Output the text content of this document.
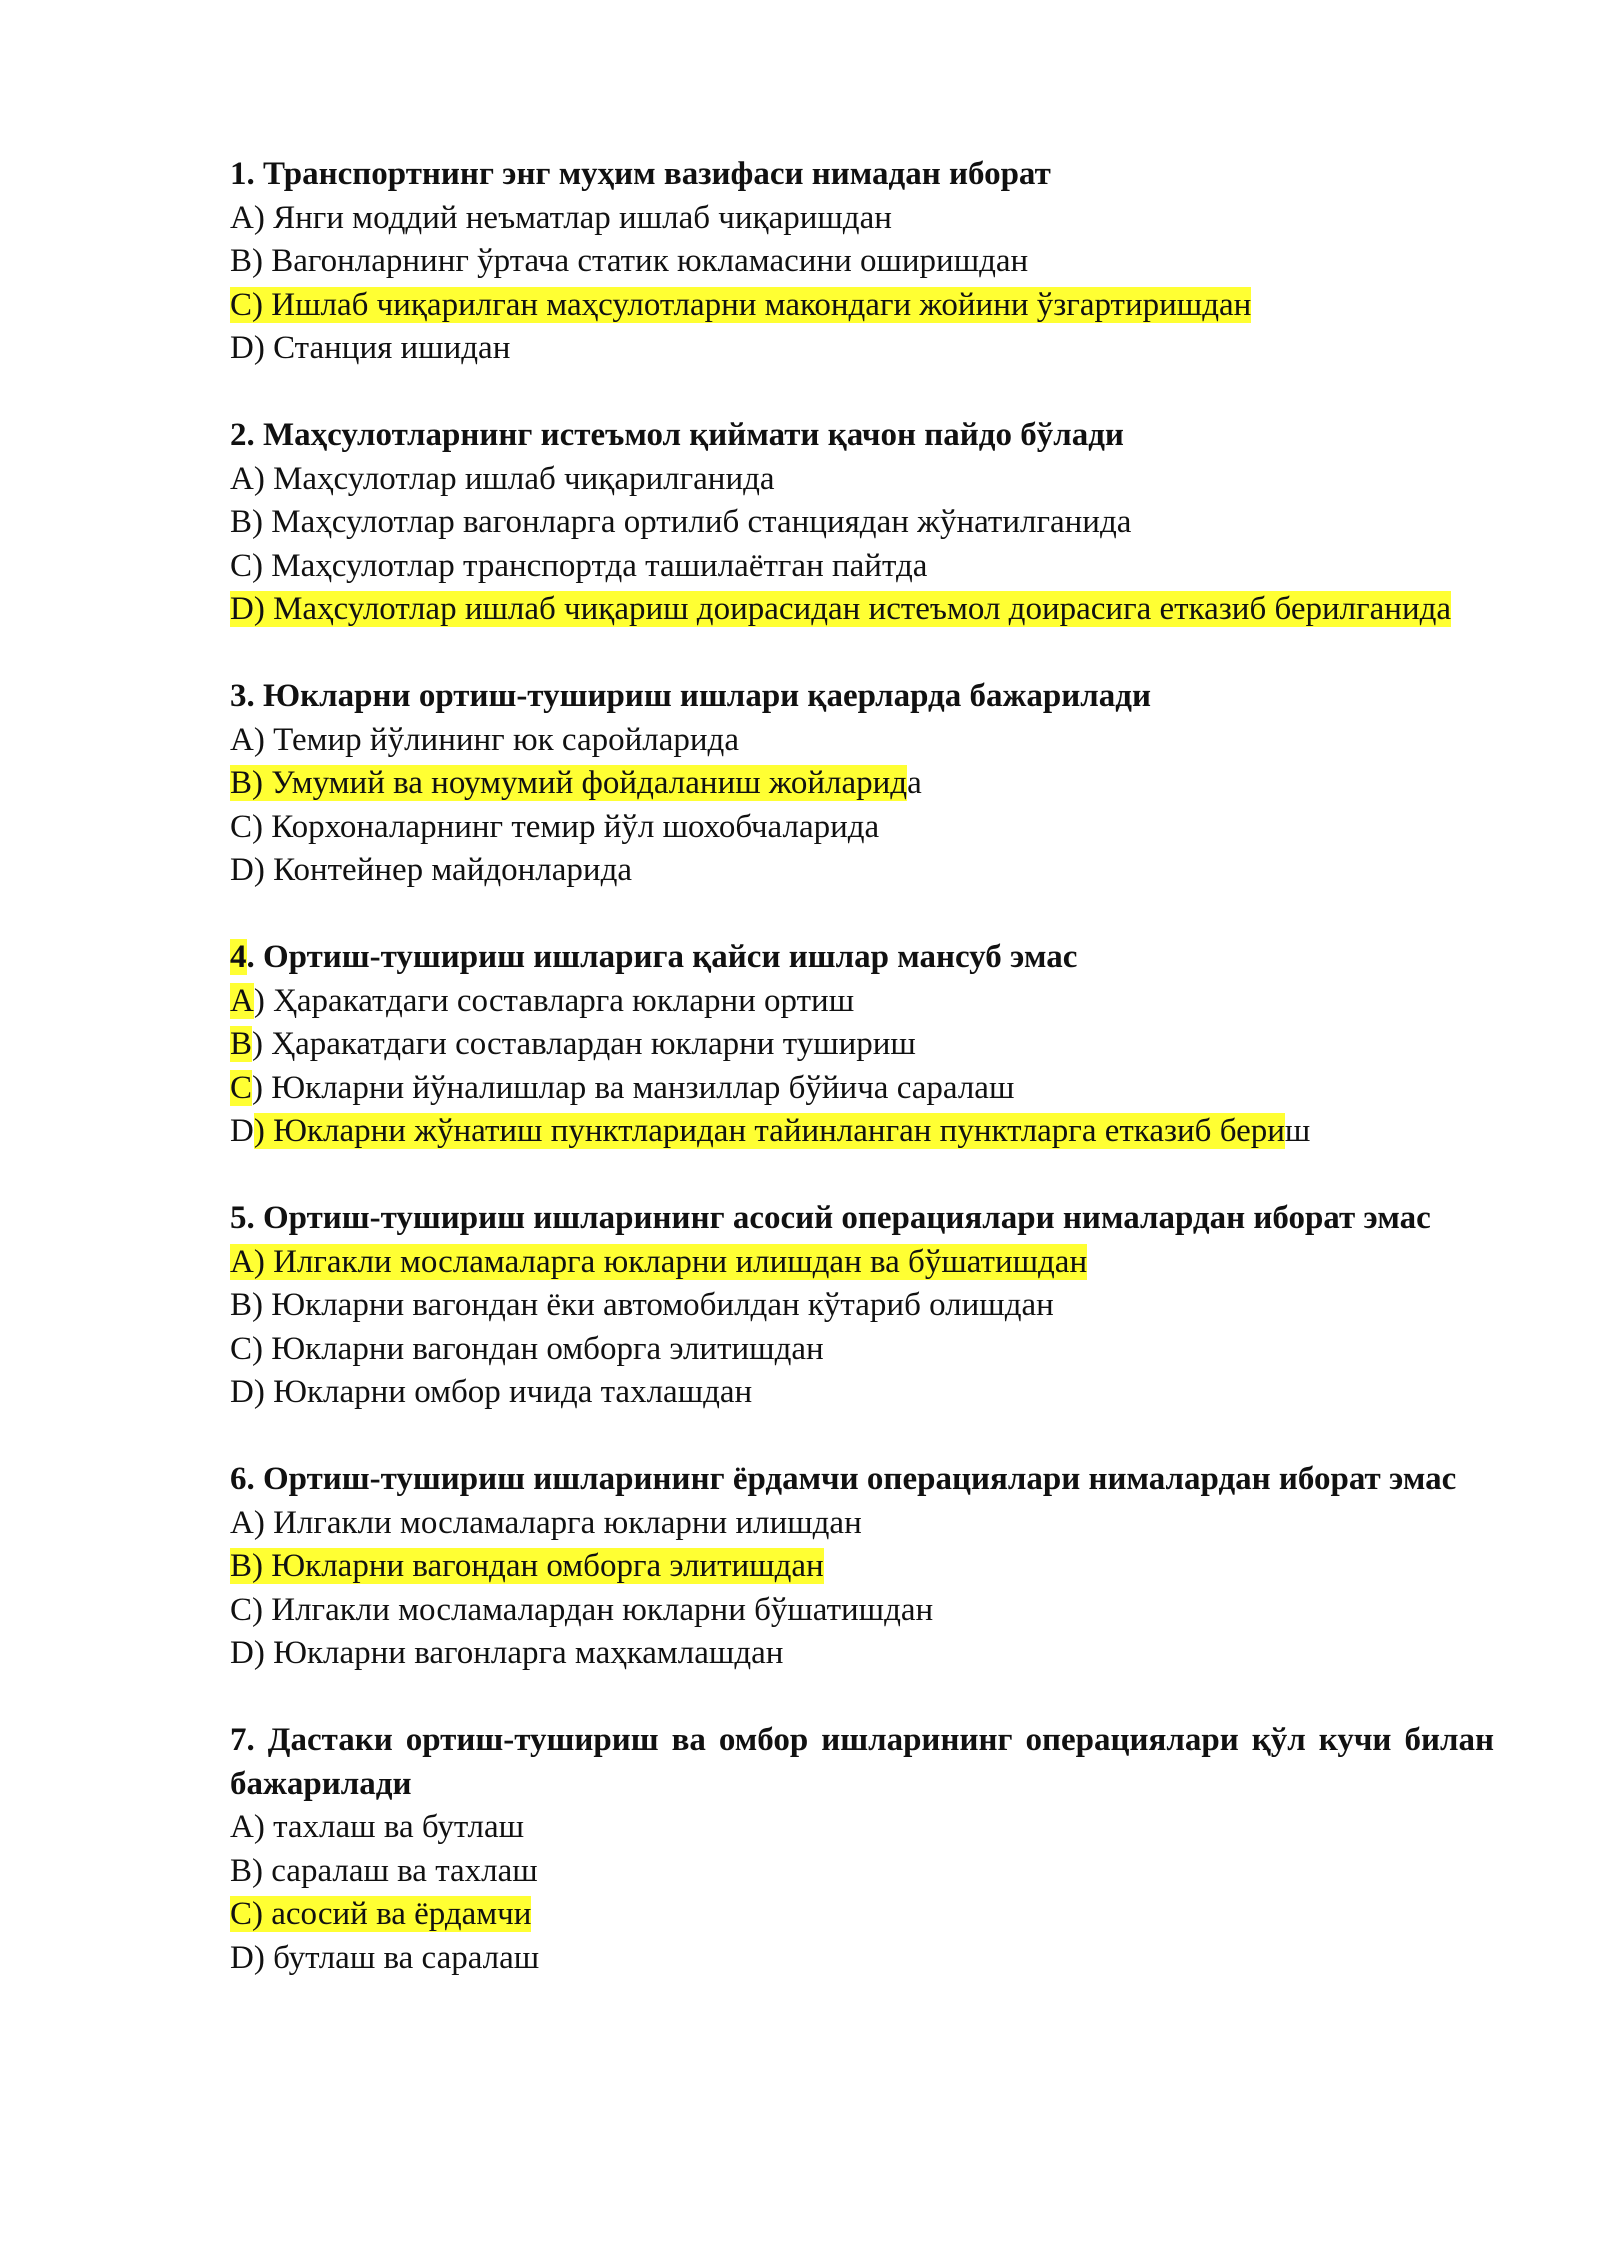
1. Транспортнинг энг муҳим вазифаси нимадан иборат

A) Янги моддий неъматлар ишлаб чиқаришдан

B) Вагонларнинг ўртача статик юкламасини оширишдан

C) Ишлаб чиқарилган маҳсулотларни макондаги жойини ўзгартиришдан

D) Станция ишидан

2. Маҳсулотларнинг истеъмол қиймати қачон пайдо бўлади

A) Маҳсулотлар ишлаб чиқарилганида

B) Маҳсулотлар вагонларга ортилиб станциядан жўнатилганида

C) Маҳсулотлар транспортда ташилаётган пайтда

D) Маҳсулотлар ишлаб чиқариш доирасидан истеъмол доирасига етказиб берилганида

3. Юкларни ортиш-тушириш ишлари қаерларда бажарилади

A) Темир йўлининг юк саройларида

B) Умумий ва ноумумий фойдаланиш жойларида

C) Корхоналарнинг темир йўл шохобчаларида

D) Контейнер майдонларида

4. Ортиш-тушириш ишларига қайси ишлар мансуб эмас

A) Ҳаракатдаги составларга юкларни ортиш

B) Ҳаракатдаги составлардан юкларни тушириш

C) Юкларни йўналишлар ва манзиллар бўйича саралаш

D) Юкларни жўнатиш пунктларидан тайинланган пунктларга етказиб бериш

5. Ортиш-тушириш ишларининг асосий операциялари нималардан иборат эмас

A) Илгакли мосламаларга юкларни илишдан ва бўшатишдан

B) Юкларни вагондан ёки автомобилдан кўтариб олишдан

C) Юкларни вагондан омборга элитишдан

D) Юкларни омбор ичида тахлашдан

6. Ортиш-тушириш ишларининг ёрдамчи операциялари нималардан иборат эмас

A) Илгакли мосламаларга юкларни илишдан

B) Юкларни вагондан омборга элитишдан

C) Илгакли мосламалардан юкларни бўшатишдан

D) Юкларни вагонларга маҳкамлашдан

7. Дастаки ортиш-тушириш ва омбор ишларининг операциялари қўл кучи билан бажарилади

A) тахлаш ва бутлаш

B) саралаш ва тахлаш

C) асосий ва ёрдамчи

D) бутлаш ва саралаш
